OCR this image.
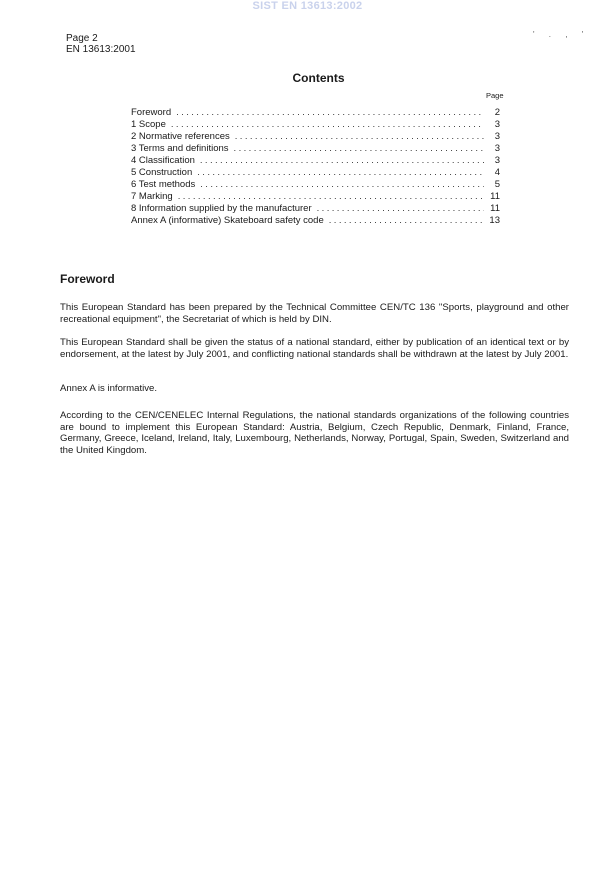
SIST EN 13613:2002
Page 2
EN 13613:2001
' . , '
Contents
Page
Foreword .....	2
1 Scope .....	3
2 Normative references .....	3
3 Terms and definitions .....	3
4 Classification .....	3
5 Construction .....	4
6 Test methods .....	5
7 Marking .....	11
8 Information supplied by the manufacturer .....	11
Annex A (informative) Skateboard safety code .....	13
Foreword

This European Standard has been prepared by the Technical Committee CEN/TC 136 "Sports, playground and other recreational equipment", the Secretariat of which is held by DIN.

This European Standard shall be given the status of a national standard, either by publication of an identical text or by endorsement, at the latest by July 2001, and conflicting national standards shall be withdrawn at the latest by July 2001.

Annex A is informative.

According to the CEN/CENELEC Internal Regulations, the national standards organizations of the following countries are bound to implement this European Standard: Austria, Belgium, Czech Republic, Denmark, Finland, France, Germany, Greece, Iceland, Ireland, Italy, Luxembourg, Netherlands, Norway, Portugal, Spain, Sweden, Switzerland and the United Kingdom.
